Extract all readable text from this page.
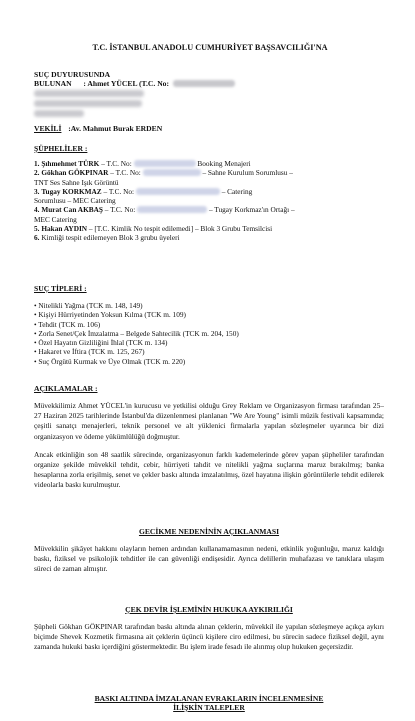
T.C. İSTANBUL ANADOLU CUMHURİYET BAŞSAVCILIĞI'NA
SUÇ DUYURUSUNDA
BULUNAN : Ahmet YÜCEL (T.C. No:
VEKİLİ :Av. Mahmut Burak ERDEN
ŞÜPHELİLER :
1. Şıhmehmet TÜRK – T.C. No:	Booking Menajeri
2. Gökhan GÖKPINAR – T.C. No:	– Sahne Kurulum Sorumlusu –
TNT Ses Sahne Işık Görüntü
3. Tugay KORKMAZ – T.C. No:	– Catering
Sorumlusu – MEC Catering
4. Murat Can AKBAŞ – T.C. No:	– Tugay Korkmaz'ın Ortağı –
MEC Catering
5. Hakan AYDIN – [T.C. Kimlik No tespit edilemedi] – Blok 3 Grubu Temsilcisi
6. Kimliği tespit edilemeyen Blok 3 grubu üyeleri
SUÇ TİPLERİ :
• Nitelikli Yağma (TCK m. 148, 149)
• Kişiyi Hürriyetinden Yoksun Kılma (TCK m. 109)
• Tehdit (TCK m. 106)
• Zorla Senet/Çek İmzalatma – Belgede Sahtecilik (TCK m. 204, 150)
• Özel Hayatın Gizliliğini İhlal (TCK m. 134)
• Hakaret ve İftira (TCK m. 125, 267)
• Suç Örgütü Kurmak ve Üye Olmak (TCK m. 220)
AÇIKLAMALAR :

Müvekkilimiz Ahmet YÜCEL'in kurucusu ve yetkilisi olduğu Grey Reklam ve Organizasyon firması tarafından 25–27 Haziran 2025 tarihlerinde İstanbul'da düzenlenmesi planlanan "We Are Young" isimli müzik festivali kapsamında; çeşitli sanatçı menajerleri, teknik personel ve alt yüklenici firmalarla yapılan sözleşmeler uyarınca bir dizi organizasyon ve ödeme yükümlülüğü doğmuştur.

Ancak etkinliğin son 48 saatlik sürecinde, organizasyonun farklı kademelerinde görev yapan şüpheliler tarafından organize şekilde müvekkil tehdit, cebir, hürriyeti tahdit ve nitelikli yağma suçlarına maruz bırakılmış; banka hesaplarına zorla erişilmiş, senet ve çekler baskı altında imzalatılmış, özel hayatına ilişkin görüntülerle tehdit edilerek videolarla baskı kurulmuştur.

GECİKME NEDENİNİN AÇIKLANMASI

Müvekkilin şikâyet hakkını olayların hemen ardından kullanamamasının nedeni, etkinlik yoğunluğu, maruz kaldığı baskı, fiziksel ve psikolojik tehditler ile can güvenliği endişesidir. Ayrıca delillerin muhafazası ve tanıklara ulaşım süreci de zaman almıştır.

ÇEK DEVİR İŞLEMİNİN HUKUKA AYKIRILIĞI

Şüpheli Gökhan GÖKPINAR tarafından baskı altında alınan çeklerin, müvekkil ile yapılan sözleşmeye açıkça aykırı biçimde Shevek Kozmetik firmasına ait çeklerin üçüncü kişilere ciro edilmesi, bu sürecin sadece fiziksel değil, aynı zamanda hukuki baskı içerdiğini göstermektedir. Bu işlem irade fesadı ile alınmış olup hukuken geçersizdir.

BASKI ALTINDA İMZALANAN EVRAKLARIN İNCELENMESİNE
İLİŞKİN TALEPLER
